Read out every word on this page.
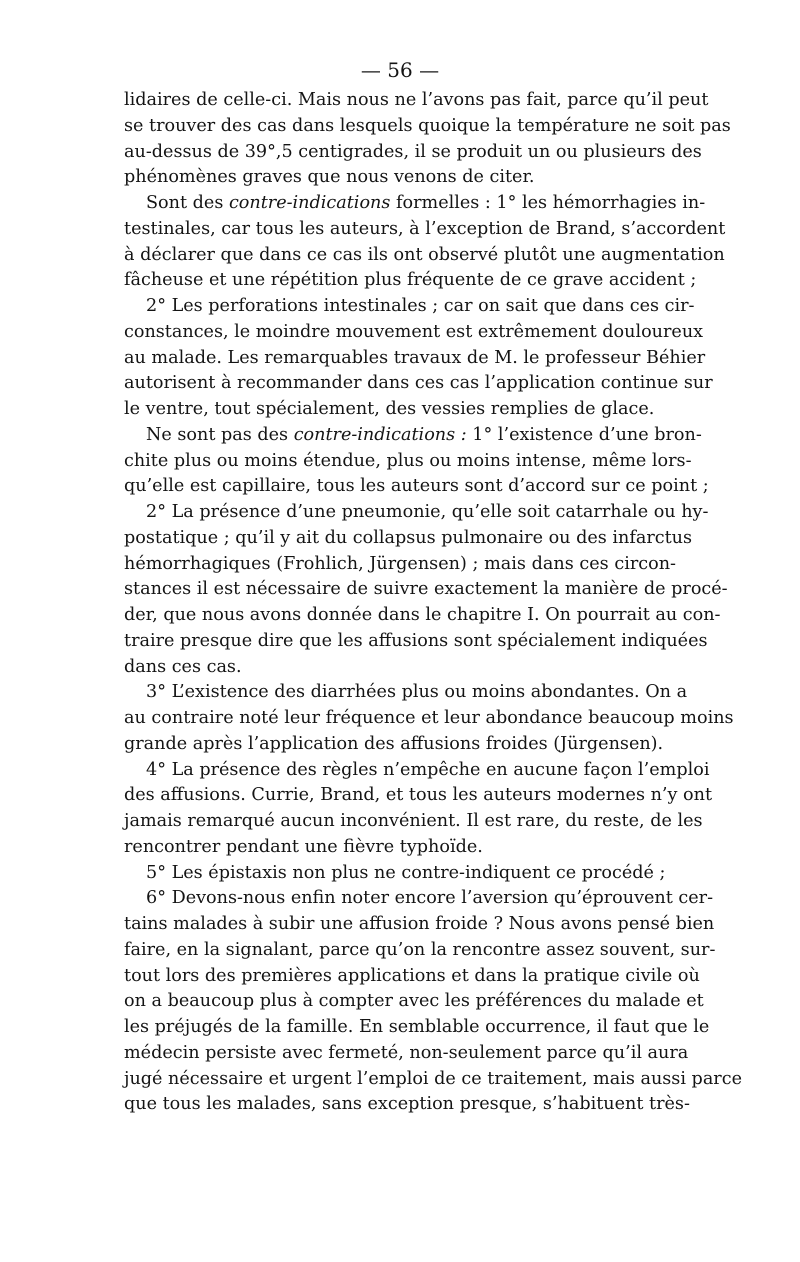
— 56 —
lidaires de celle-ci. Mais nous ne l’avons pas fait, parce qu’il peut
se trouver des cas dans lesquels quoique la température ne soit pas
au-dessus de 39°,5 centigrades, il se produit un ou plusieurs des
phénomènes graves que nous venons de citer.
Sont des contre-indications formelles : 1° les hémorrhagies in-
testinales, car tous les auteurs, à l’exception de Brand, s’accordent
à déclarer que dans ce cas ils ont observé plutôt une augmentation
fâcheuse et une répétition plus fréquente de ce grave accident ;
2° Les perforations intestinales ; car on sait que dans ces cir-
constances, le moindre mouvement est extrêmement douloureux
au malade. Les remarquables travaux de M. le professeur Béhier
autorisent à recommander dans ces cas l’application continue sur
le ventre, tout spécialement, des vessies remplies de glace.
Ne sont pas des contre-indications : 1° l’existence d’une bron-
chite plus ou moins étendue, plus ou moins intense, même lors-
qu’elle est capillaire, tous les auteurs sont d’accord sur ce point ;
2° La présence d’une pneumonie, qu’elle soit catarrhale ou hy-
postatique ; qu’il y ait du collapsus pulmonaire ou des infarctus
hémorrhagiques (Frohlich, Jürgensen) ; mais dans ces circon-
stances il est nécessaire de suivre exactement la manière de procé-
der, que nous avons donnée dans le chapitre I. On pourrait au con-
traire presque dire que les affusions sont spécialement indiquées
dans ces cas.
3° L’existence des diarrhées plus ou moins abondantes. On a
au contraire noté leur fréquence et leur abondance beaucoup moins
grande après l’application des affusions froides (Jürgensen).
4° La présence des règles n’empêche en aucune façon l’emploi
des affusions. Currie, Brand, et tous les auteurs modernes n’y ont
jamais remarqué aucun inconvénient. Il est rare, du reste, de les
rencontrer pendant une fièvre typhoïde.
5° Les épistaxis non plus ne contre-indiquent ce procédé ;
6° Devons-nous enfin noter encore l’aversion qu’éprouvent cer-
tains malades à subir une affusion froide ? Nous avons pensé bien
faire, en la signalant, parce qu’on la rencontre assez souvent, sur-
tout lors des premières applications et dans la pratique civile où
on a beaucoup plus à compter avec les préférences du malade et
les préjugés de la famille. En semblable occurrence, il faut que le
médecin persiste avec fermeté, non-seulement parce qu’il aura
jugé nécessaire et urgent l’emploi de ce traitement, mais aussi parce
que tous les malades, sans exception presque, s’habituent très-
